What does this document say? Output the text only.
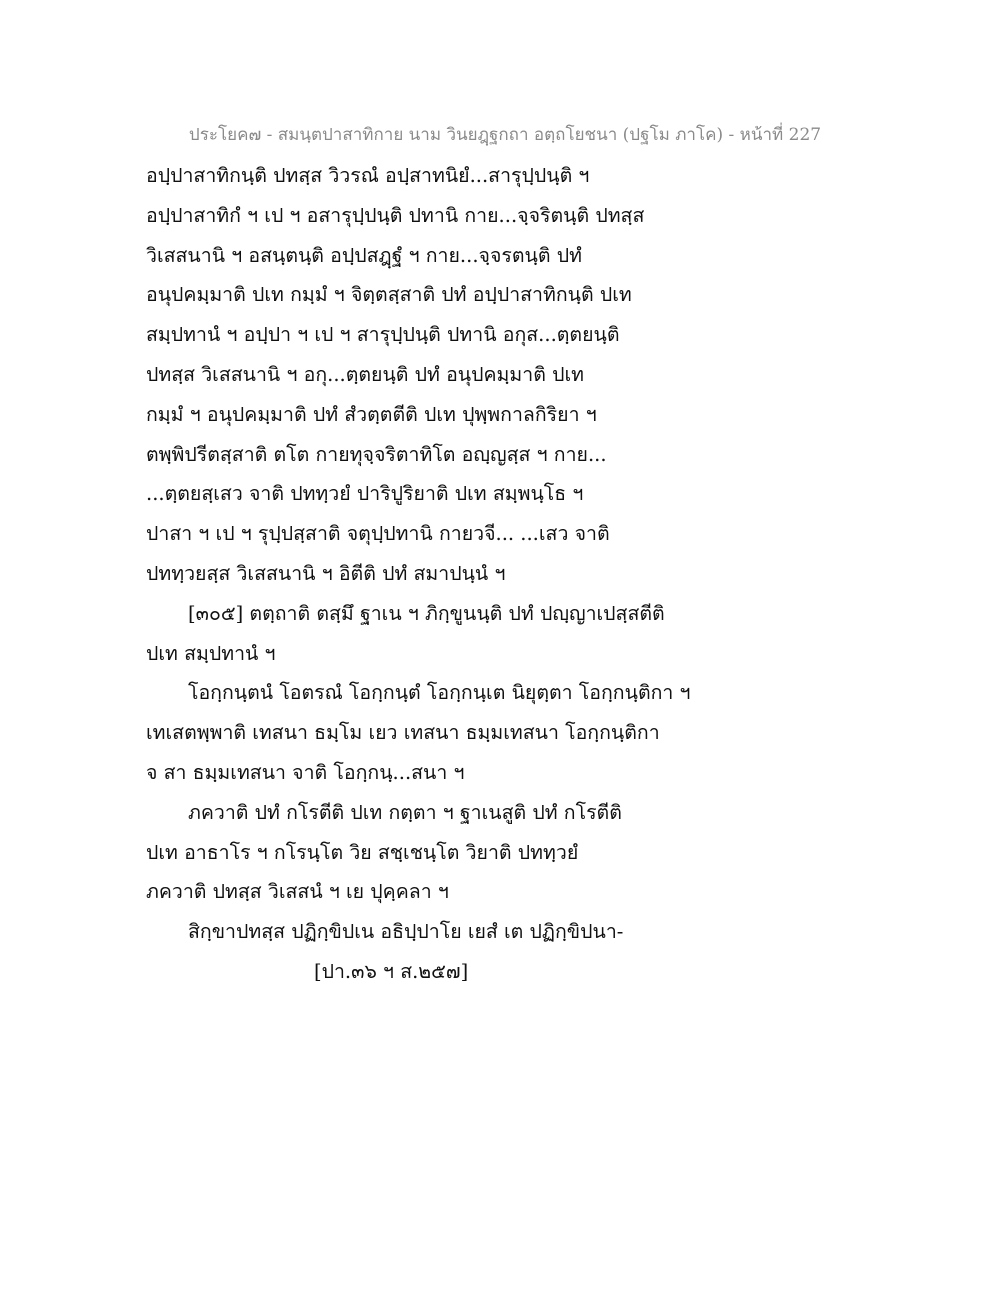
ประโยค๗ - สมนฺตปาสาทิกาย นาม วินยฎฺฐกถา อตฺถโยชนา (ปฐโม ภาโค) - หน้าที่ 227
อปฺปาสาทิกนฺติ ปทสฺส วิวรณํ อปฺสาทนิยํ...สารุปฺปนฺติ ฯ
อปฺปาสาทิกํ ฯ เป ฯ อสารุปฺปนฺติ ปทานิ กาย...จฺจริตนฺติ ปทสฺส
วิเสสนานิ ฯ อสนฺตนฺติ อปฺปสฎฺฐํ ฯ กาย...จฺจรตนฺติ ปทํ
อนุปคมฺมาติ ปเท กมฺมํ ฯ จิตฺตสฺสาติ ปทํ อปฺปาสาทิกนฺติ ปเท
สมฺปทานํ ฯ อปฺปา ฯ เป ฯ สารุปฺปนฺติ ปทานิ อกุส...ตฺตยนฺติ
ปทสฺส วิเสสนานิ ฯ อกุ...ตฺตยนฺติ ปทํ อนุปคมฺมาติ ปเท
กมฺมํ ฯ อนุปคมฺมาติ ปทํ สํวตฺตตีติ ปเท ปุพฺพกาลกิริยา ฯ
ตพฺพิปรีตสฺสาติ ตโต กายทุจฺจริตาทิโต อญฺญสฺส ฯ กาย...
...ตฺตยสฺเสว จาติ ปททฺวยํ ปาริปูริยาติ ปเท สมฺพนฺโธ ฯ
ปาสา ฯ เป ฯ รุปฺปสฺสาติ จตุปฺปทานิ กายวจี... ...เสว จาติ
ปททฺวยสฺส วิเสสนานิ ฯ อิตีติ ปทํ สมาปนฺนํ ฯ
[๓๐๕] ตตฺถาติ ตสฺมึ ฐาเน ฯ ภิกฺขูนนฺติ ปทํ ปญฺญาเปสฺสตีติ
ปเท สมฺปทานํ ฯ
โอกฺกนฺตนํ โอตรณํ โอกฺกนฺตํ โอกฺกนฺเต นิยุตฺตา โอกฺกนฺติกา ฯ
เทเสตพฺพาติ เทสนา ธมฺโม เยว เทสนา ธมฺมเทสนา โอกฺกนฺติกา
จ สา ธมฺมเทสนา จาติ โอกฺกนฺ...สนา ฯ
ภควาติ ปทํ กโรตีติ ปเท กตฺตา ฯ ฐาเนสูติ ปทํ กโรตีติ
ปเท อาธาโร ฯ กโรนฺโต วิย สชฺเชนฺโต วิยาติ ปททฺวยํ
ภควาติ ปทสฺส วิเสสนํ ฯ เย ปุคฺคลา ฯ
สิกฺขาปทสฺส ปฏิกฺขิปเน อธิปฺปาโย เยสํ เต ปฏิกฺขิปนา-
[ปา.๓๖ ฯ ส.๒๕๗]
